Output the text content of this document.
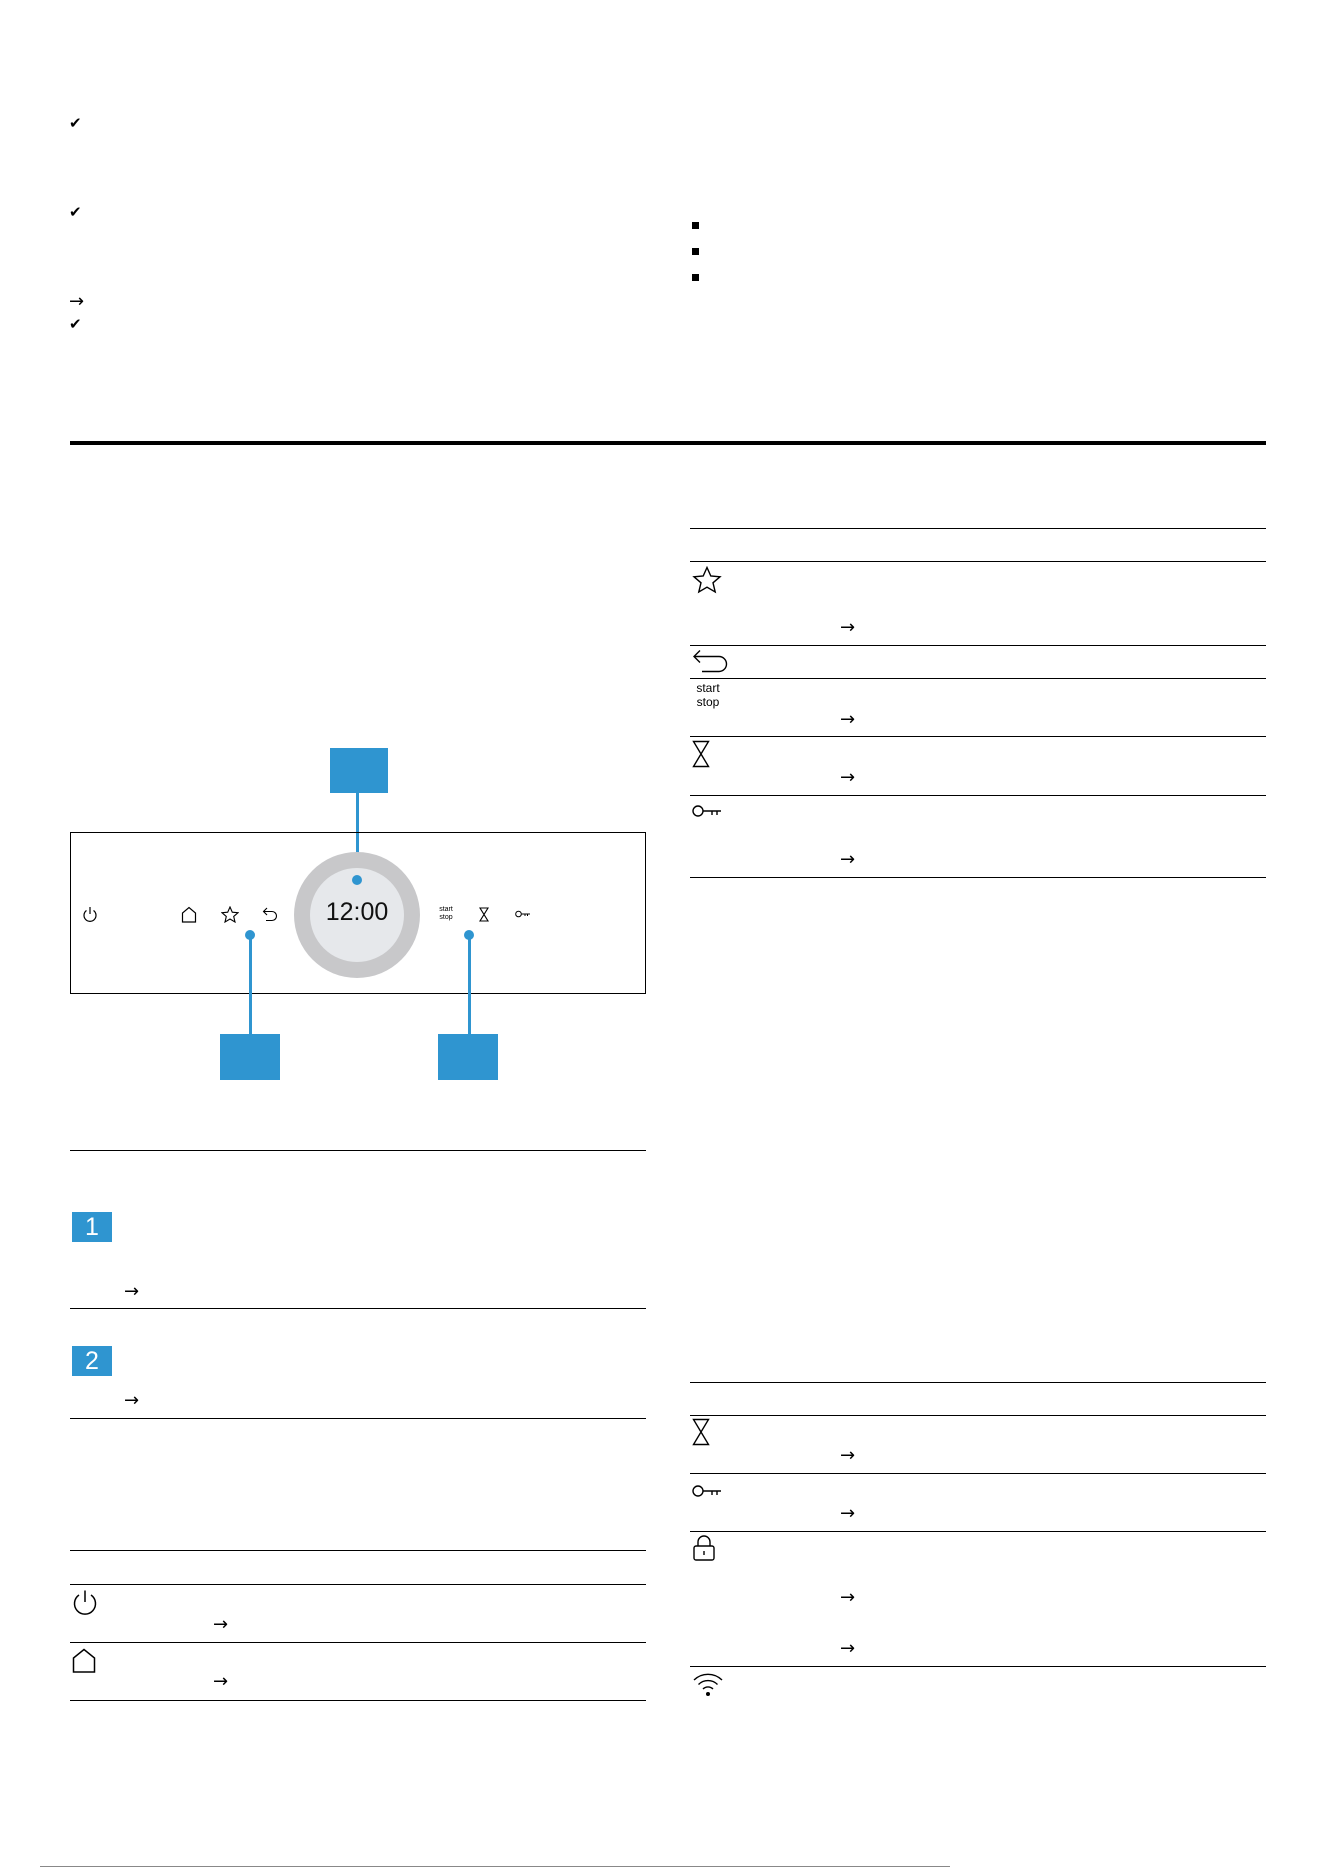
✔
✔
→
✔
12:00	start
stop
1
→
2
→
→
→
→
start
stop
→
→
→
→
→
→
→
